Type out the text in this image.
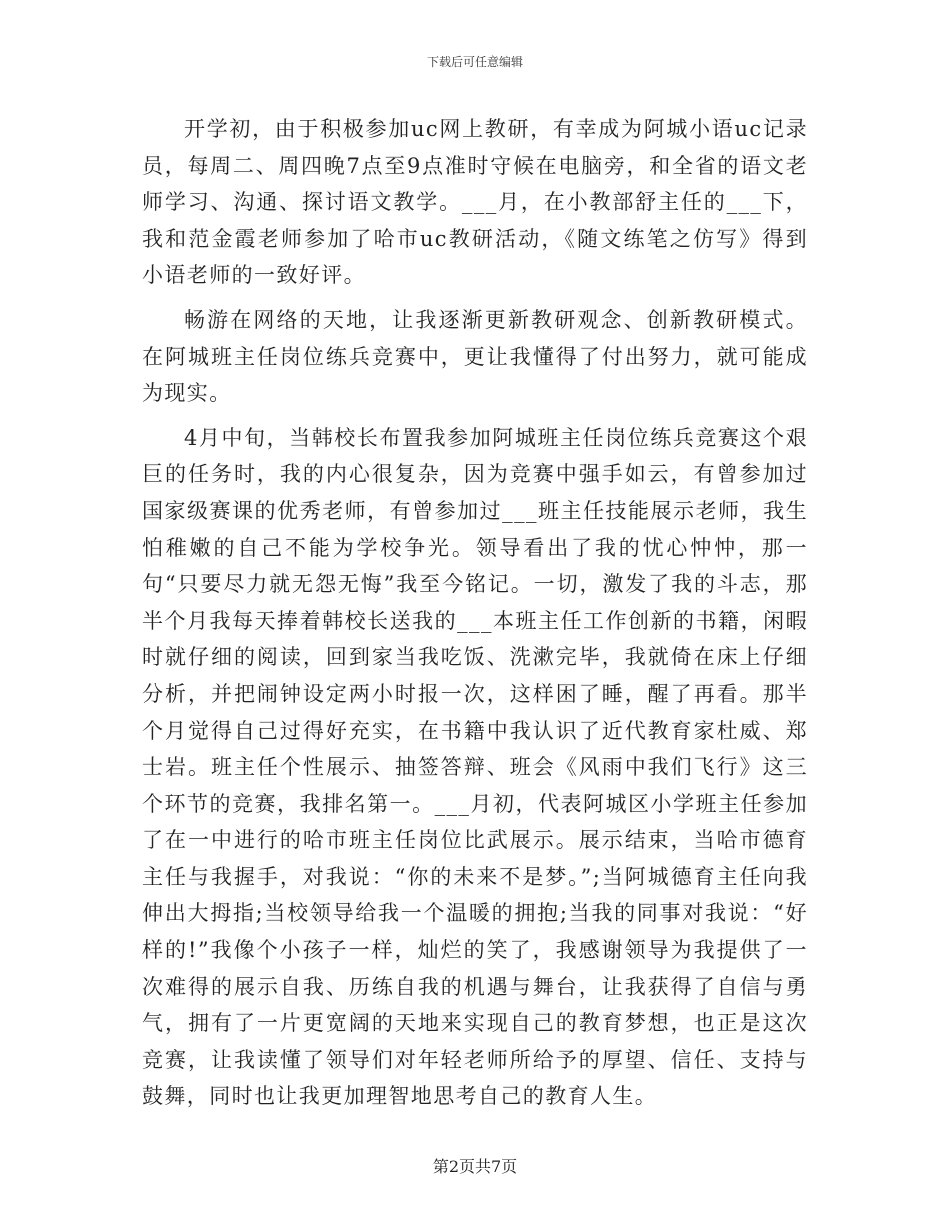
下载后可任意编辑

开学初，由于积极参加uc网上教研，有幸成为阿城小语uc记录员，每周二、周四晚7点至9点准时守候在电脑旁，和全省的语文老师学习、沟通、探讨语文教学。___月，在小教部舒主任的___下，我和范金霞老师参加了哈市uc教研活动，《随文练笔之仿写》得到小语老师的一致好评。

畅游在网络的天地，让我逐渐更新教研观念、创新教研模式。在阿城班主任岗位练兵竞赛中，更让我懂得了付出努力，就可能成为现实。

4月中旬，当韩校长布置我参加阿城班主任岗位练兵竞赛这个艰巨的任务时，我的内心很复杂，因为竞赛中强手如云，有曾参加过国家级赛课的优秀老师，有曾参加过___班主任技能展示老师，我生怕稚嫩的自己不能为学校争光。领导看出了我的忧心忡忡，那一句“只要尽力就无怨无悔”我至今铭记。一切，激发了我的斗志，那半个月我每天捧着韩校长送我的___本班主任工作创新的书籍，闲暇时就仔细的阅读，回到家当我吃饭、洗漱完毕，我就倚在床上仔细分析，并把闹钟设定两小时报一次，这样困了睡，醒了再看。那半个月觉得自己过得好充实，在书籍中我认识了近代教育家杜威、郑士岩。班主任个性展示、抽签答辩、班会《风雨中我们飞行》这三个环节的竞赛，我排名第一。___月初，代表阿城区小学班主任参加了在一中进行的哈市班主任岗位比武展示。展示结束，当哈市德育主任与我握手，对我说：“你的未来不是梦。”;当阿城德育主任向我伸出大拇指;当校领导给我一个温暖的拥抱;当我的同事对我说：“好样的!”我像个小孩子一样，灿烂的笑了，我感谢领导为我提供了一次难得的展示自我、历练自我的机遇与舞台，让我获得了自信与勇气，拥有了一片更宽阔的天地来实现自己的教育梦想，也正是这次竞赛，让我读懂了领导们对年轻老师所给予的厚望、信任、支持与鼓舞，同时也让我更加理智地思考自己的教育人生。

第2页共7页
